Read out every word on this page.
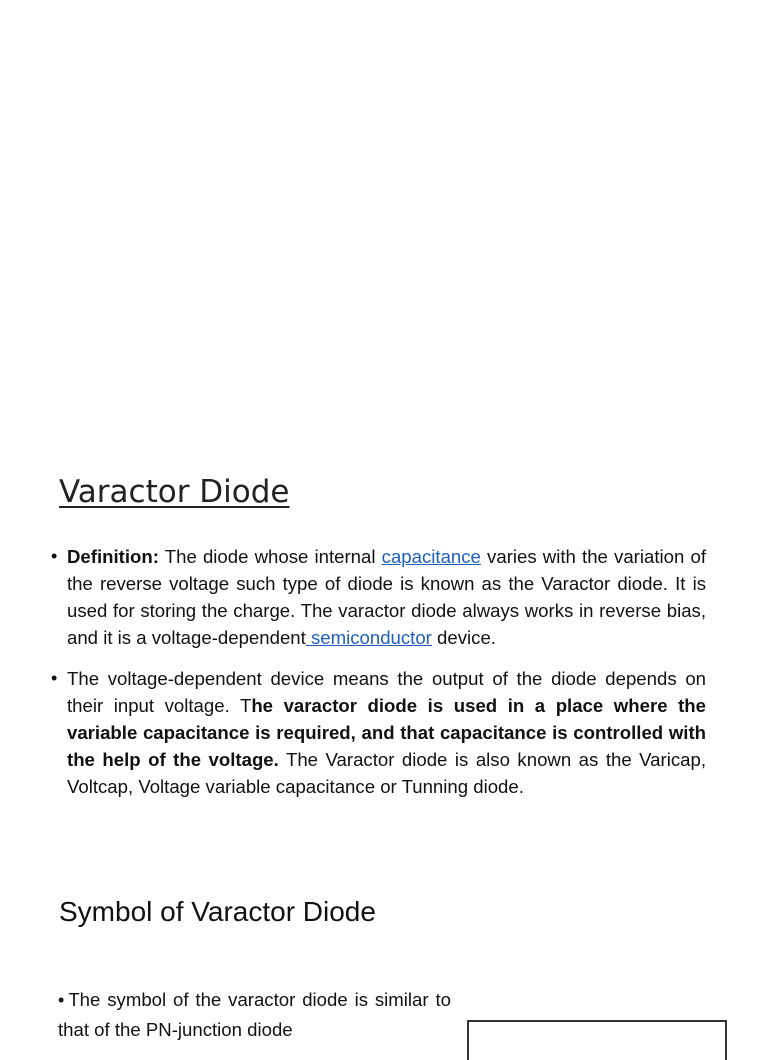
Varactor Diode
• Definition: The diode whose internal capacitance varies with the variation of the reverse voltage such type of diode is known as the Varactor diode. It is used for storing the charge. The varactor diode always works in reverse bias, and it is a voltage-dependent semiconductor device.
• The voltage-dependent device means the output of the diode depends on their input voltage. The varactor diode is used in a place where the variable capacitance is required, and that capacitance is controlled with the help of the voltage. The Varactor diode is also known as the Varicap, Voltcap, Voltage variable capacitance or Tunning diode.
Symbol of Varactor Diode
• The symbol of the varactor diode is similar to that of the PN-junction diode
